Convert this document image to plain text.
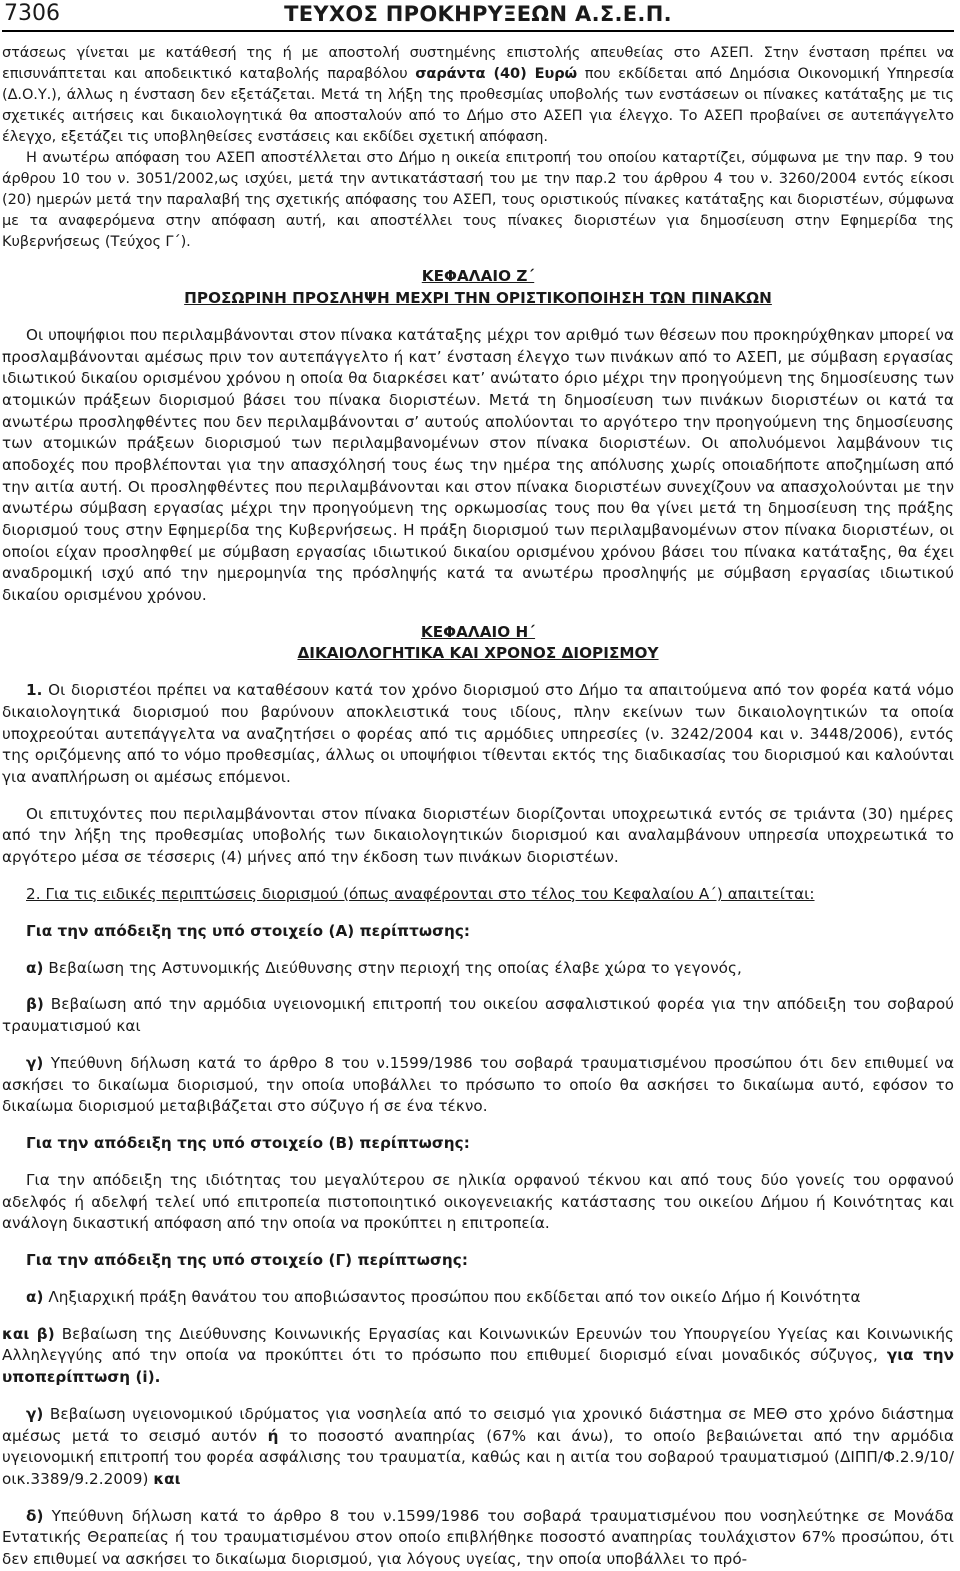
7306	ΤΕΥΧΟΣ ΠΡΟΚΗΡΥΞΕΩΝ Α.Σ.Ε.Π.

στάσεως γίνεται με κατάθεσή της ή με αποστολή συστημένης επιστολής απευθείας στο ΑΣΕΠ. Στην ένσταση πρέπει να επισυνάπτεται και αποδεικτικό καταβολής παραβόλου σαράντα (40) Ευρώ που εκδίδεται από Δημόσια Οικονομική Υπηρεσία (Δ.Ο.Υ.), άλλως η ένσταση δεν εξετάζεται. Μετά τη λήξη της προθεσμίας υποβολής των ενστάσεων οι πίνακες κατάταξης με τις σχετικές αιτήσεις και δικαιολογητικά θα αποσταλούν από το Δήμο στο ΑΣΕΠ για έλεγχο. Το ΑΣΕΠ προβαίνει σε αυτεπάγγελτο έλεγχο, εξετάζει τις υποβληθείσες ενστάσεις και εκδίδει σχετική απόφαση.

Η ανωτέρω απόφαση του ΑΣΕΠ αποστέλλεται στο Δήμο η οικεία επιτροπή του οποίου καταρτίζει, σύμφωνα με την παρ. 9 του άρθρου 10 του ν. 3051/2002,ως ισχύει, μετά την αντικατάστασή του με την παρ.2 του άρθρου 4 του ν. 3260/2004 εντός είκοσι (20) ημερών μετά την παραλαβή της σχετικής απόφασης του ΑΣΕΠ, τους οριστικούς πίνακες κατάταξης και διοριστέων, σύμφωνα με τα αναφερόμενα στην απόφαση αυτή, και αποστέλλει τους πίνακες διοριστέων για δημοσίευση στην Εφημερίδα της Κυβερνήσεως (Τεύχος Γ΄).

ΚΕΦΑΛΑΙΟ Ζ΄

ΠΡΟΣΩΡΙΝΗ ΠΡΟΣΛΗΨΗ ΜΕΧΡΙ ΤΗΝ ΟΡΙΣΤΙΚΟΠΟΙΗΣΗ ΤΩΝ ΠΙΝΑΚΩΝ

Οι υποψήφιοι που περιλαμβάνονται στον πίνακα κατάταξης μέχρι τον αριθμό των θέσεων που προκηρύχθηκαν μπορεί να προσλαμβάνονται αμέσως πριν τον αυτεπάγγελτο ή κατ’ ένσταση έλεγχο των πινάκων από το ΑΣΕΠ, με σύμβαση εργασίας ιδιωτικού δικαίου ορισμένου χρόνου η οποία θα διαρκέσει κατ’ ανώτατο όριο μέχρι την προηγούμενη της δημοσίευσης των ατομικών πράξεων διορισμού βάσει του πίνακα διοριστέων. Μετά τη δημοσίευση των πινάκων διοριστέων οι κατά τα ανωτέρω προσληφθέντες που δεν περιλαμβάνονται σ’ αυτούς απολύονται το αργότερο την προηγούμενη της δημοσίευσης των ατομικών πράξεων διορισμού των περιλαμβανομένων στον πίνακα διοριστέων. Οι απολυόμενοι λαμβάνουν τις αποδοχές που προβλέπονται για την απασχόλησή τους έως την ημέρα της απόλυσης χωρίς οποιαδήποτε αποζημίωση από την αιτία αυτή. Οι προσληφθέντες που περιλαμβάνονται και στον πίνακα διοριστέων συνεχίζουν να απασχολούνται με την ανωτέρω σύμβαση εργασίας μέχρι την προηγούμενη της ορκωμοσίας τους που θα γίνει μετά τη δημοσίευση της πράξης διορισμού τους στην Εφημερίδα της Κυβερνήσεως. Η πράξη διορισμού των περιλαμβανομένων στον πίνακα διοριστέων, οι οποίοι είχαν προσληφθεί με σύμβαση εργασίας ιδιωτικού δικαίου ορισμένου χρόνου βάσει του πίνακα κατάταξης, θα έχει αναδρομική ισχύ από την ημερομηνία της πρόσληψής κατά τα ανωτέρω προσληψής με σύμβαση εργασίας ιδιωτικού δικαίου ορισμένου χρόνου.

ΚΕΦΑΛΑΙΟ Η΄

ΔΙΚΑΙΟΛΟΓΗΤΙΚΑ ΚΑΙ ΧΡΟΝΟΣ ΔΙΟΡΙΣΜΟΥ

1. Οι διοριστέοι πρέπει να καταθέσουν κατά τον χρόνο διορισμού στο Δήμο τα απαιτούμενα από τον φορέα κατά νόμο δικαιολογητικά διορισμού που βαρύνουν αποκλειστικά τους ιδίους, πλην εκείνων των δικαιολογητικών τα οποία υποχρεούται αυτεπάγγελτα να αναζητήσει ο φορέας από τις αρμόδιες υπηρεσίες (ν. 3242/2004 και ν. 3448/2006), εντός της οριζόμενης από το νόμο προθεσμίας, άλλως οι υποψήφιοι τίθενται εκτός της διαδικασίας του διορισμού και καλούνται για αναπλήρωση οι αμέσως επόμενοι.

Οι επιτυχόντες που περιλαμβάνονται στον πίνακα διοριστέων διορίζονται υποχρεωτικά εντός σε τριάντα (30) ημέρες από την λήξη της προθεσμίας υποβολής των δικαιολογητικών διορισμού και αναλαμβάνουν υπηρεσία υποχρεωτικά το αργότερο μέσα σε τέσσερις (4) μήνες από την έκδοση των πινάκων διοριστέων.

2. Για τις ειδικές περιπτώσεις διορισμού (όπως αναφέρονται στο τέλος του Κεφαλαίου Α΄) απαιτείται:

Για την απόδειξη της υπό στοιχείο (Α) περίπτωσης:

α) Βεβαίωση της Αστυνομικής Διεύθυνσης στην περιοχή της οποίας έλαβε χώρα το γεγονός,

β) Βεβαίωση από την αρμόδια υγειονομική επιτροπή του οικείου ασφαλιστικού φορέα για την απόδειξη του σοβαρού τραυματισμού και

γ) Υπεύθυνη δήλωση κατά το άρθρο 8 του ν.1599/1986 του σοβαρά τραυματισμένου προσώπου ότι δεν επιθυμεί να ασκήσει το δικαίωμα διορισμού, την οποία υποβάλλει το πρόσωπο το οποίο θα ασκήσει το δικαίωμα αυτό, εφόσον το δικαίωμα διορισμού μεταβιβάζεται στο σύζυγο ή σε ένα τέκνο.

Για την απόδειξη της υπό στοιχείο (Β) περίπτωσης:

Για την απόδειξη της ιδιότητας του μεγαλύτερου σε ηλικία ορφανού τέκνου και από τους δύο γονείς του ορφανού αδελφός ή αδελφή τελεί υπό επιτροπεία πιστοποιητικό οικογενειακής κατάστασης του οικείου Δήμου ή Κοινότητας και ανάλογη δικαστική απόφαση από την οποία να προκύπτει η επιτροπεία.

Για την απόδειξη της υπό στοιχείο (Γ) περίπτωσης:

α) Ληξιαρχική πράξη θανάτου του αποβιώσαντος προσώπου που εκδίδεται από τον οικείο Δήμο ή Κοινότητα

και β) Βεβαίωση της Διεύθυνσης Κοινωνικής Εργασίας και Κοινωνικών Ερευνών του Υπουργείου Υγείας και Κοινωνικής Αλληλεγγύης από την οποία να προκύπτει ότι το πρόσωπο που επιθυμεί διορισμό είναι μοναδικός σύζυγος, για την υποπερίπτωση (i).

γ) Βεβαίωση υγειονομικού ιδρύματος για νοσηλεία από το σεισμό για χρονικό διάστημα σε ΜΕΘ στο χρόνο διάστημα αμέσως μετά το σεισμό αυτόν ή το ποσοστό αναπηρίας (67% και άνω), το οποίο βεβαιώνεται από την αρμόδια υγειονομική επιτροπή του φορέα ασφάλισης του τραυματία, καθώς και η αιτία του σοβαρού τραυματισμού (ΔΙΠΠ/Φ.2.9/10/οικ.3389/9.2.2009) και

δ) Υπεύθυνη δήλωση κατά το άρθρο 8 του ν.1599/1986 του σοβαρά τραυματισμένου που νοσηλεύτηκε σε Μονάδα Εντατικής Θεραπείας ή του τραυματισμένου στον οποίο επιβλήθηκε ποσοστό αναπηρίας τουλάχιστον 67% προσώπου, ότι δεν επιθυμεί να ασκήσει το δικαίωμα διορισμού, για λόγους υγείας, την οποία υποβάλλει το πρό-
